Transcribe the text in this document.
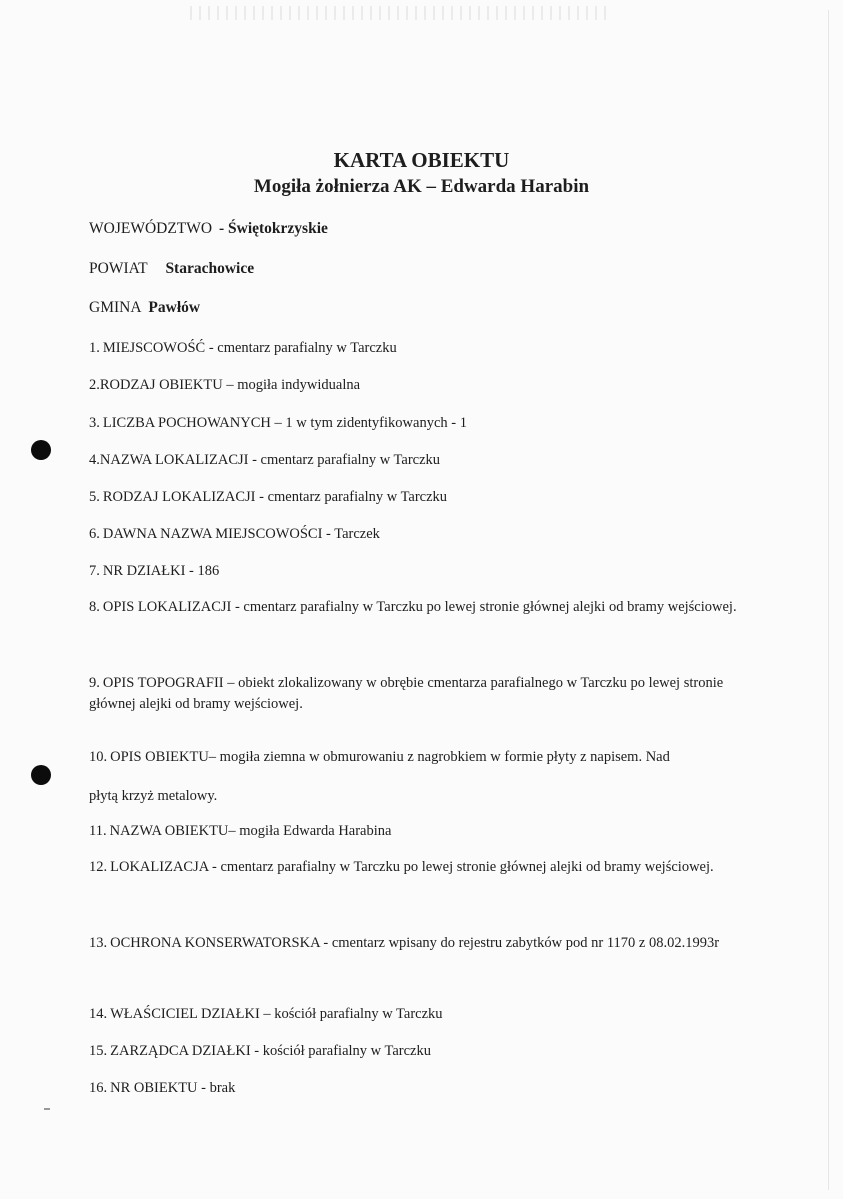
KARTA OBIEKTU
Mogiła żołnierza AK – Edwarda Harabin
WOJEWÓDZTWO - Świętokrzyskie
POWIAT Starachowice
GMINA Pawłów
1. MIEJSCOWOŚĆ - cmentarz parafialny w Tarczku
2.RODZAJ OBIEKTU – mogiła indywidualna
3. LICZBA POCHOWANYCH – 1 w tym zidentyfikowanych - 1
4.NAZWA LOKALIZACJI - cmentarz parafialny w Tarczku
5. RODZAJ LOKALIZACJI - cmentarz parafialny w Tarczku
6. DAWNA NAZWA MIEJSCOWOŚCI - Tarczek
7. NR DZIAŁKI - 186
8. OPIS LOKALIZACJI - cmentarz parafialny w Tarczku po lewej stronie głównej alejki od bramy wejściowej.
9. OPIS TOPOGRAFII – obiekt zlokalizowany w obrębie cmentarza parafialnego w Tarczku po lewej stronie głównej alejki od bramy wejściowej.
10. OPIS OBIEKTU– mogiła ziemna w obmurowaniu z nagrobkiem w formie płyty z napisem. Nad
płytą krzyż metalowy.
11. NAZWA OBIEKTU– mogiła Edwarda Harabina
12. LOKALIZACJA - cmentarz parafialny w Tarczku po lewej stronie głównej alejki od bramy wejściowej.
13. OCHRONA KONSERWATORSKA - cmentarz wpisany do rejestru zabytków pod nr 1170 z 08.02.1993r
14. WŁAŚCICIEL DZIAŁKI – kościół parafialny w Tarczku
15. ZARZĄDCA DZIAŁKI - kościół parafialny w Tarczku
16. NR OBIEKTU - brak
